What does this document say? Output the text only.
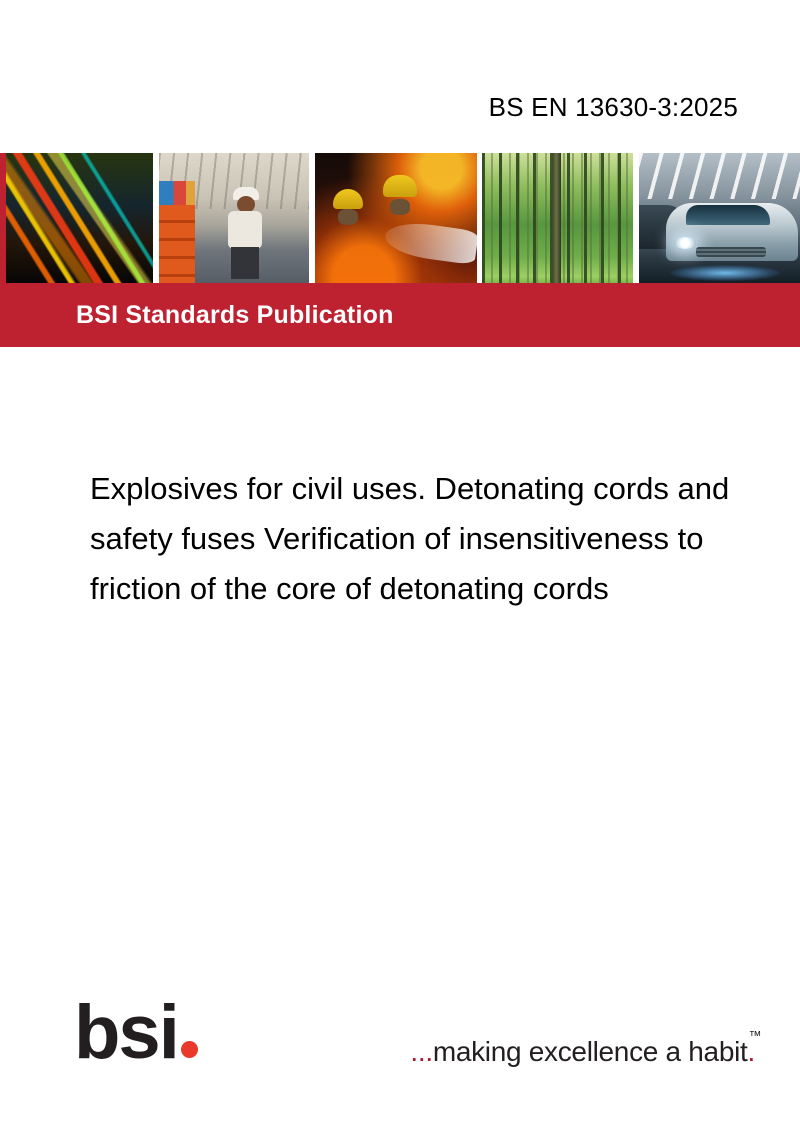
BS EN 13630-3:2025
BSI Standards Publication
Explosives for civil uses. Detonating cords and
safety fuses Verification of insensitiveness to
friction of the core of detonating cords
bsi	...making excellence a habit.
™
